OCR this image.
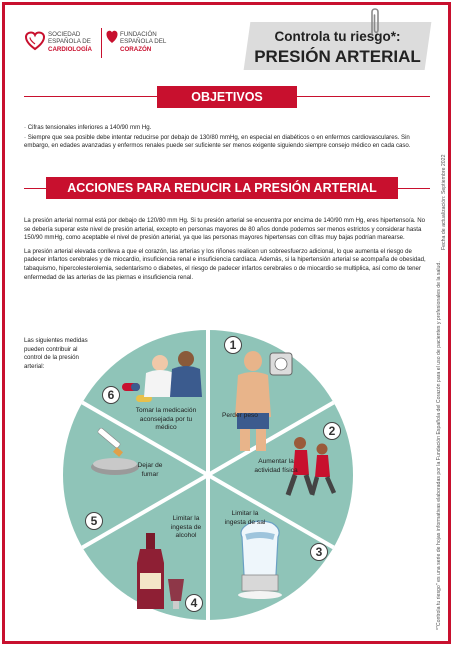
SOCIEDAD
ESPAÑOLA DE
CARDIOLOGÍA
FUNDACIÓN
ESPAÑOLA DEL
CORAZÓN
Controla tu riesgo*:
PRESIÓN ARTERIAL
OBJETIVOS

· Cifras tensionales inferiores a 140/90 mm Hg.

· Siempre que sea posible debe intentar reducirse por debajo de 130/80 mmHg, en especial en diabéticos o en enfermos cardiovasculares. Sin embargo, en edades avanzadas y enfermos renales puede ser suficiente ser menos exigente siguiendo siempre consejo médico en cada caso.

ACCIONES PARA REDUCIR LA PRESIÓN ARTERIAL

La presión arterial normal está por debajo de 120/80 mm Hg. Si tu presión arterial se encuentra por encima de 140/90 mm Hg, eres hipertenso/a. No se debería superar este nivel de presión arterial, excepto en personas mayores de 80 años donde podemos ser menos estrictos y considerar hasta 150/90 mmHg, como aceptable el nivel de presión arterial, ya que las personas mayores hipertensas con cifras muy bajas podrían marearse.

La presión arterial elevada conlleva a que el corazón, las arterias y los riñones realicen un sobreesfuerzo adicional, lo que aumenta el riesgo de padecer infartos cerebrales y de miocardio, insuficiencia renal e insuficiencia cardíaca. Además, si la hipertensión arterial se acompaña de obesidad, tabaquismo, hipercolesterolemia, sedentarismo o diabetes, el riesgo de padecer infartos cerebrales o de miocardio se multiplica, así como de tener enfermedad de las arterias de las piernas e insuficiencia renal.

Las siguientes medidas pueden contribuir al control de la presión arterial:
Tomar la medicación aconsejada por tu médico
Perder peso
Dejar de fumar
Aumentar la actividad física
Limitar la ingesta de alcohol
Limitar la ingesta de sal
1
2
3
4
5
6	*"Controla tu riesgo" es una serie de hojas informativas elaboradas por la Fundación Española del Corazón para el uso de pacientes y profesionales de la salud.
Fecha de actualización: Septiembre 2022
